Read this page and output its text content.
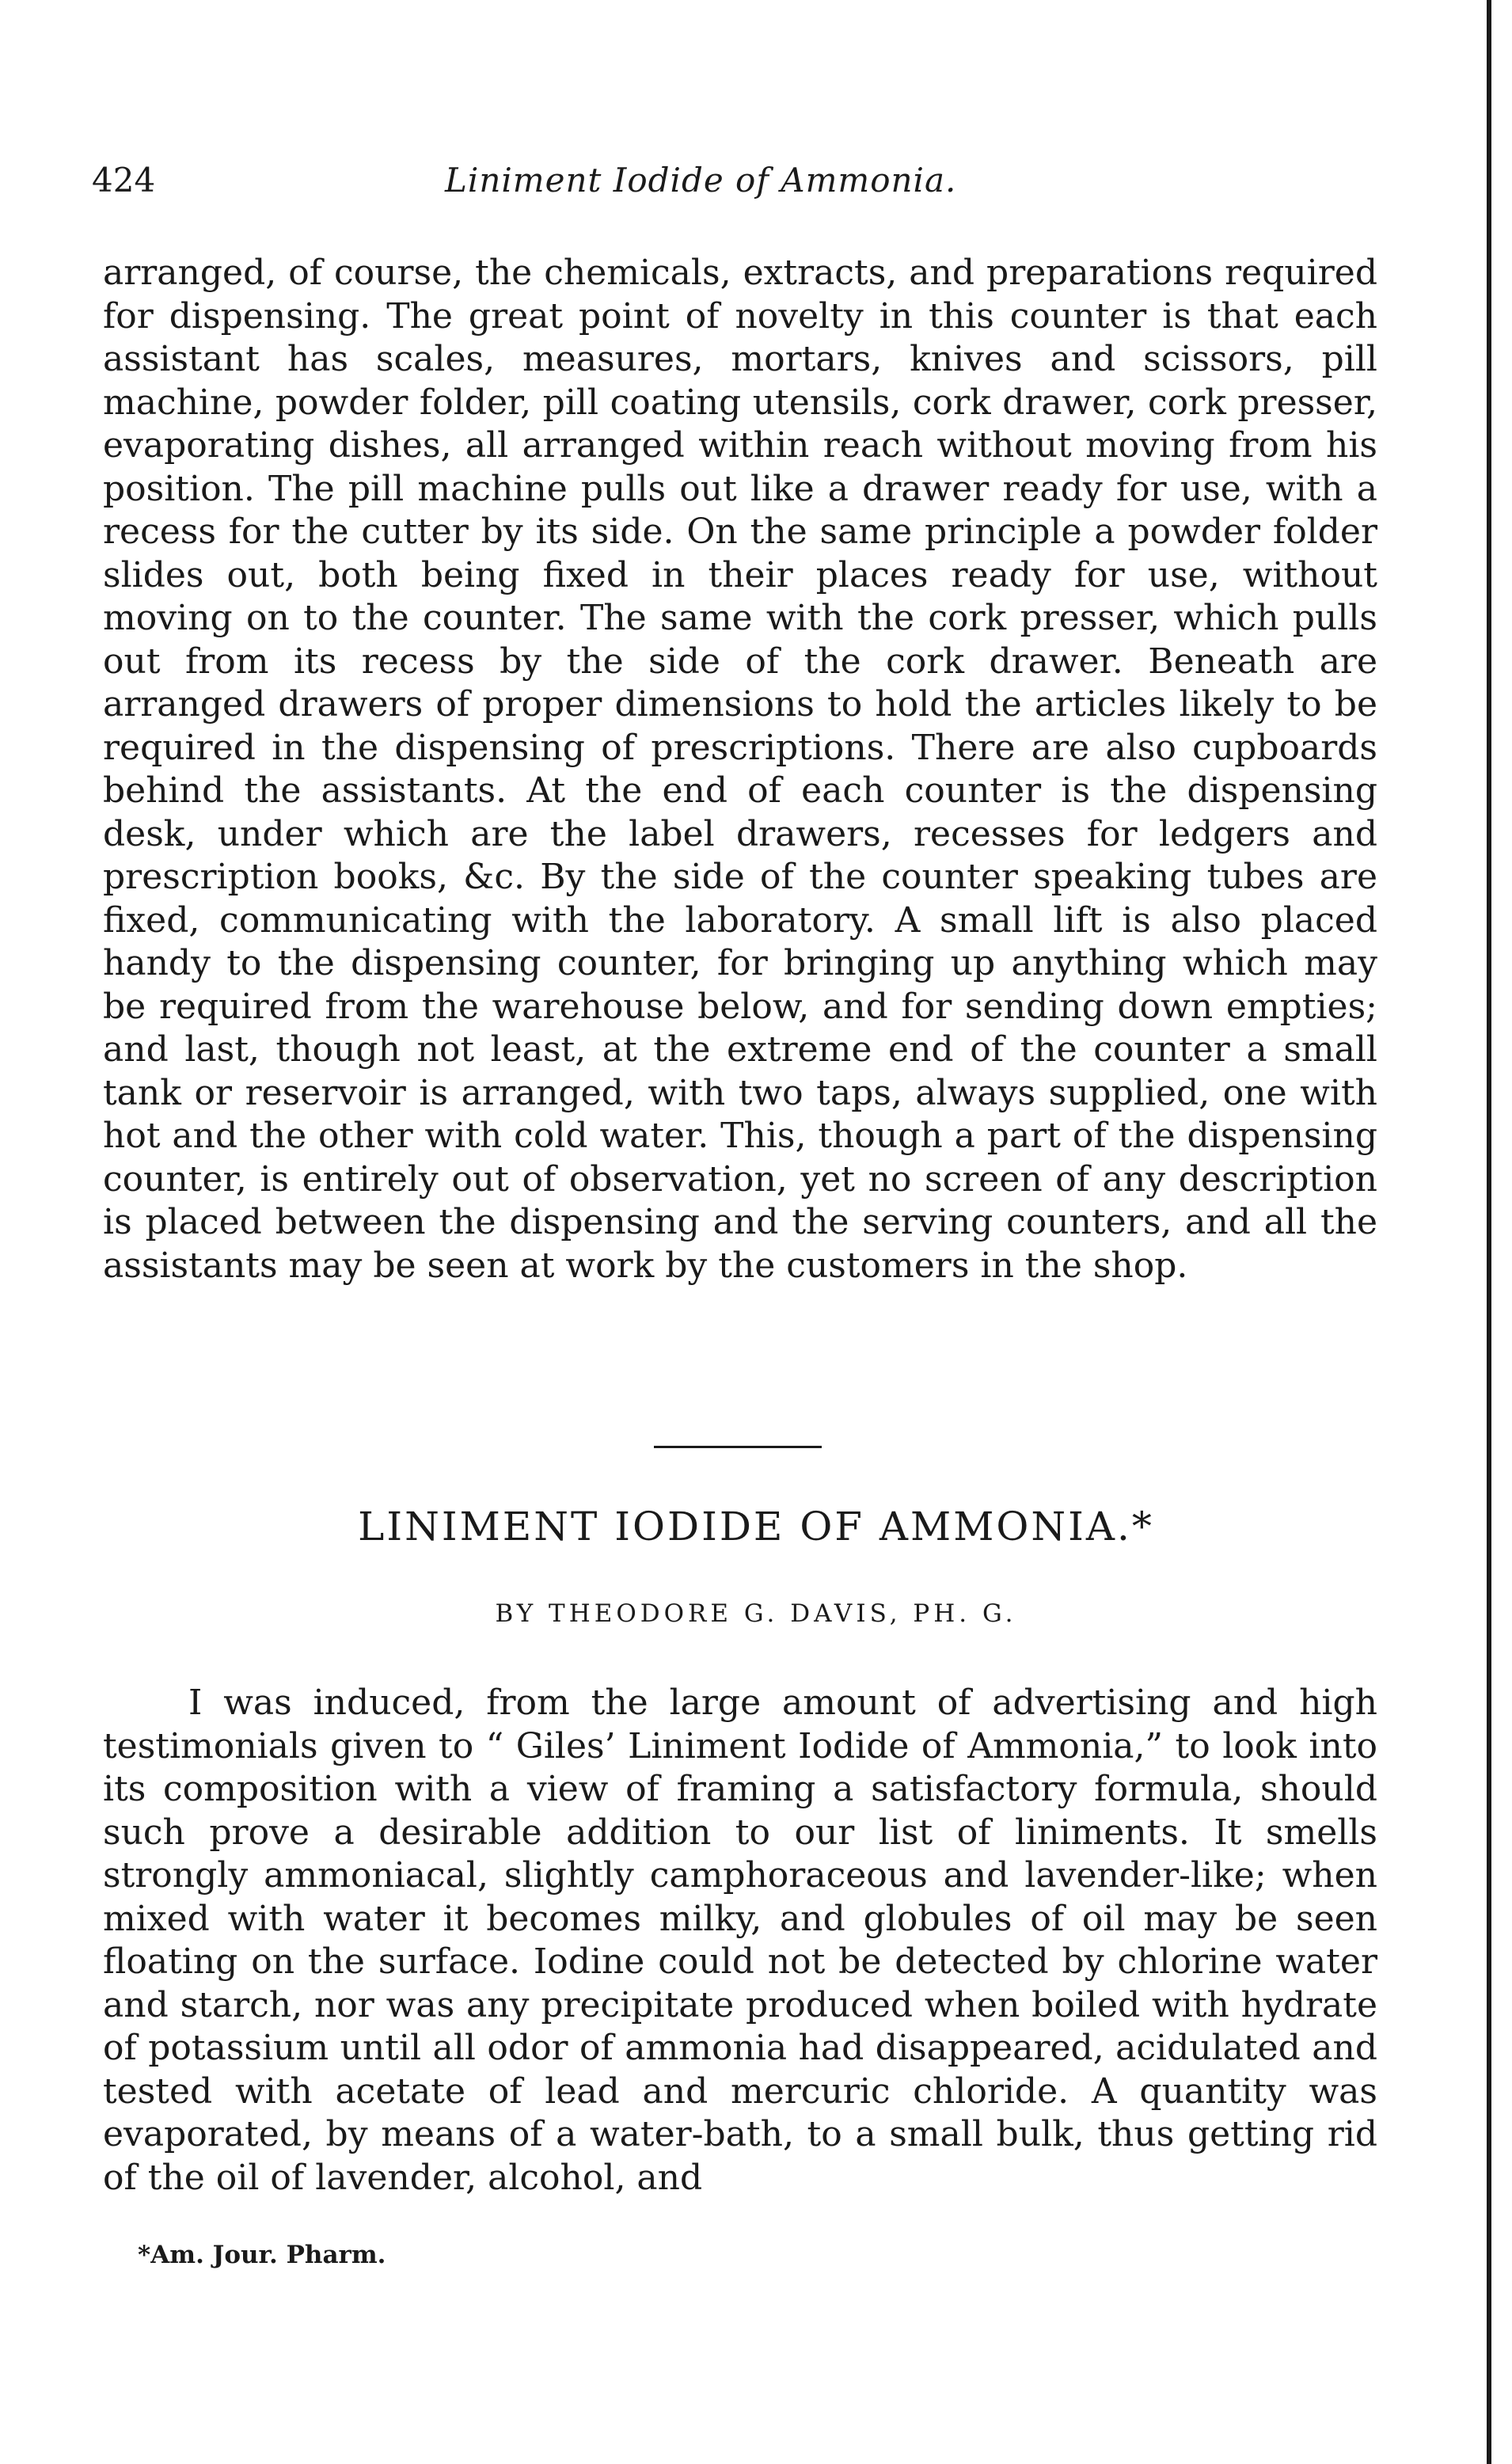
424	Liniment Iodide of Ammonia.

arranged, of course, the chemicals, extracts, and preparations required for dispensing. The great point of novelty in this counter is that each assistant has scales, measures, mortars, knives and scissors, pill machine, powder folder, pill coating utensils, cork drawer, cork presser, evaporating dishes, all arranged within reach without moving from his position. The pill machine pulls out like a drawer ready for use, with a recess for the cutter by its side. On the same principle a powder folder slides out, both being fixed in their places ready for use, without moving on to the counter. The same with the cork presser, which pulls out from its recess by the side of the cork drawer. Beneath are arranged drawers of proper dimensions to hold the articles likely to be required in the dispensing of prescriptions. There are also cupboards behind the assistants. At the end of each counter is the dispensing desk, under which are the label drawers, recesses for ledgers and prescription books, &c. By the side of the counter speaking tubes are fixed, communicating with the laboratory. A small lift is also placed handy to the dispensing counter, for bringing up anything which may be required from the warehouse below, and for sending down empties; and last, though not least, at the extreme end of the counter a small tank or reservoir is arranged, with two taps, always supplied, one with hot and the other with cold water. This, though a part of the dispensing counter, is entirely out of observation, yet no screen of any description is placed between the dispensing and the serving counters, and all the assistants may be seen at work by the customers in the shop.

LINIMENT IODIDE OF AMMONIA.*
BY THEODORE G. DAVIS, PH. G.

I was induced, from the large amount of advertising and high testimonials given to “ Giles’ Liniment Iodide of Ammonia,” to look into its composition with a view of framing a satisfactory formula, should such prove a desirable addition to our list of liniments. It smells strongly ammoniacal, slightly camphoraceous and lavender-like; when mixed with water it becomes milky, and globules of oil may be seen floating on the surface. Iodine could not be detected by chlorine water and starch, nor was any precipitate produced when boiled with hydrate of potassium until all odor of ammonia had disappeared, acidulated and tested with acetate of lead and mercuric chloride. A quantity was evaporated, by means of a water-bath, to a small bulk, thus getting rid of the oil of lavender, alcohol, and

*Am. Jour. Pharm.
